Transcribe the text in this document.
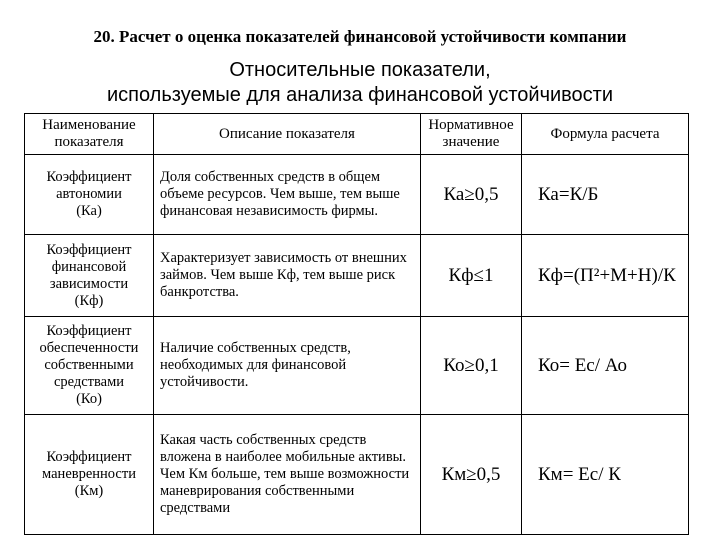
20. Расчет о оценка показателей финансовой устойчивости компании
Относительные показатели,
используемые для анализа финансовой устойчивости
Наименование показателя	Описание показателя	Нормативное значение	Формула расчета

Коэффициент
автономии
(Ка)	Доля собственных средств в общем объеме ресурсов. Чем выше, тем выше финансовая независимость фирмы.	Ка≥0,5	Ка=К/Б

Коэффициент
финансовой
зависимости
(Кф)	Характеризует зависимость от внешних займов. Чем выше Кф, тем выше риск банкротства.	Кф≤1	Кф=(П²+М+Н)/К

Коэффициент
обеспеченности
собственными
средствами
(Ко)	Наличие собственных средств, необходимых для финансовой устойчивости.	Ко≥0,1	Ко= Ес/ Ао

Коэффициент
маневренности
(Км)	Какая часть собственных средств вложена в наиболее мобильные активы. Чем Км больше, тем выше возможности маневрирования собственными средствами	Км≥0,5	Км= Ес/ К
